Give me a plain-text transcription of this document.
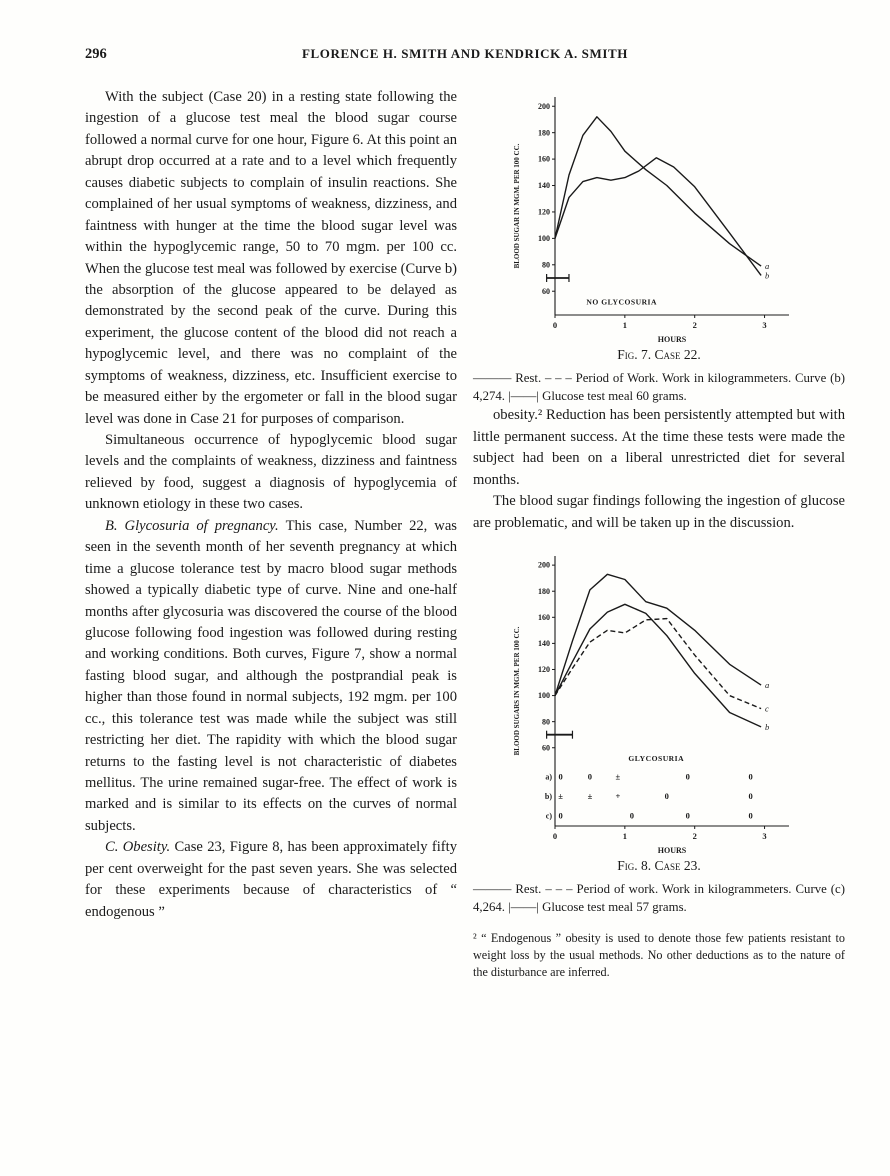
296	FLORENCE H. SMITH AND KENDRICK A. SMITH

With the subject (Case 20) in a resting state following the ingestion of a glucose test meal the blood sugar course followed a normal curve for one hour, Figure 6. At this point an abrupt drop occurred at a rate and to a level which frequently causes diabetic subjects to complain of insulin reactions. She complained of her usual symptoms of weakness, dizziness, and faintness with hunger at the time the blood sugar level was within the hypoglycemic range, 50 to 70 mgm. per 100 cc. When the glucose test meal was followed by exercise (Curve b) the absorption of the glucose appeared to be delayed as demonstrated by the second peak of the curve. During this experiment, the glucose content of the blood did not reach a hypoglycemic level, and there was no complaint of the symptoms of weakness, dizziness, etc. Insufficient exercise to be measured either by the ergometer or fall in the blood sugar level was done in Case 21 for purposes of comparison.

Simultaneous occurrence of hypoglycemic blood sugar levels and the complaints of weakness, dizziness and faintness relieved by food, suggest a diagnosis of hypoglycemia of unknown etiology in these two cases.

B. Glycosuria of pregnancy. This case, Number 22, was seen in the seventh month of her seventh pregnancy at which time a glucose tolerance test by macro blood sugar methods showed a typically diabetic type of curve. Nine and one-half months after glycosuria was discovered the course of the blood glucose following food ingestion was followed during resting and working conditions. Both curves, Figure 7, show a normal fasting blood sugar, and although the postprandial peak is higher than those found in normal subjects, 192 mgm. per 100 cc., this tolerance test was made while the subject was still restricting her diet. The rapidity with which the blood sugar returns to the fasting level is not characteristic of diabetes mellitus. The urine remained sugar-free. The effect of work is marked and is similar to its effects on the curves of normal subjects.

C. Obesity. Case 23, Figure 8, has been approximately fifty per cent overweight for the past seven years. She was selected for these experiments because of characteristics of “ endogenous ”

60
80
100
120
140
160
180
200
0	1	2	3
HOURS
BLOOD SUGAR IN MGM. PER 100 CC.	a
b
NO GLYCOSURIA
Fig. 7. Case 22.
——— Rest. – – – Period of Work. Work in kilogrammeters. Curve (b) 4,274. |——| Glucose test meal 60 grams.

obesity.² Reduction has been persistently attempted but with little permanent success. At the time these tests were made the subject had been on a liberal unrestricted diet for several months.

The blood sugar findings following the ingestion of glucose are problematic, and will be taken up in the discussion.

60
80
100
120
140
160
180
200
0	1	2	3
HOURS
BLOOD SUGARS IN MGM. PER 100 CC.	a
b
c
GLYCOSURIA
a) 0	0	±	0	0
b) ±	±	+	0	0
c) 0	0	0	0
Fig. 8. Case 23.
——— Rest. – – – Period of work. Work in kilogrammeters. Curve (c) 4,264. |——| Glucose test meal 57 grams.
² “ Endogenous ” obesity is used to denote those few patients resistant to weight loss by the usual methods. No other deductions as to the nature of the disturbance are inferred.
